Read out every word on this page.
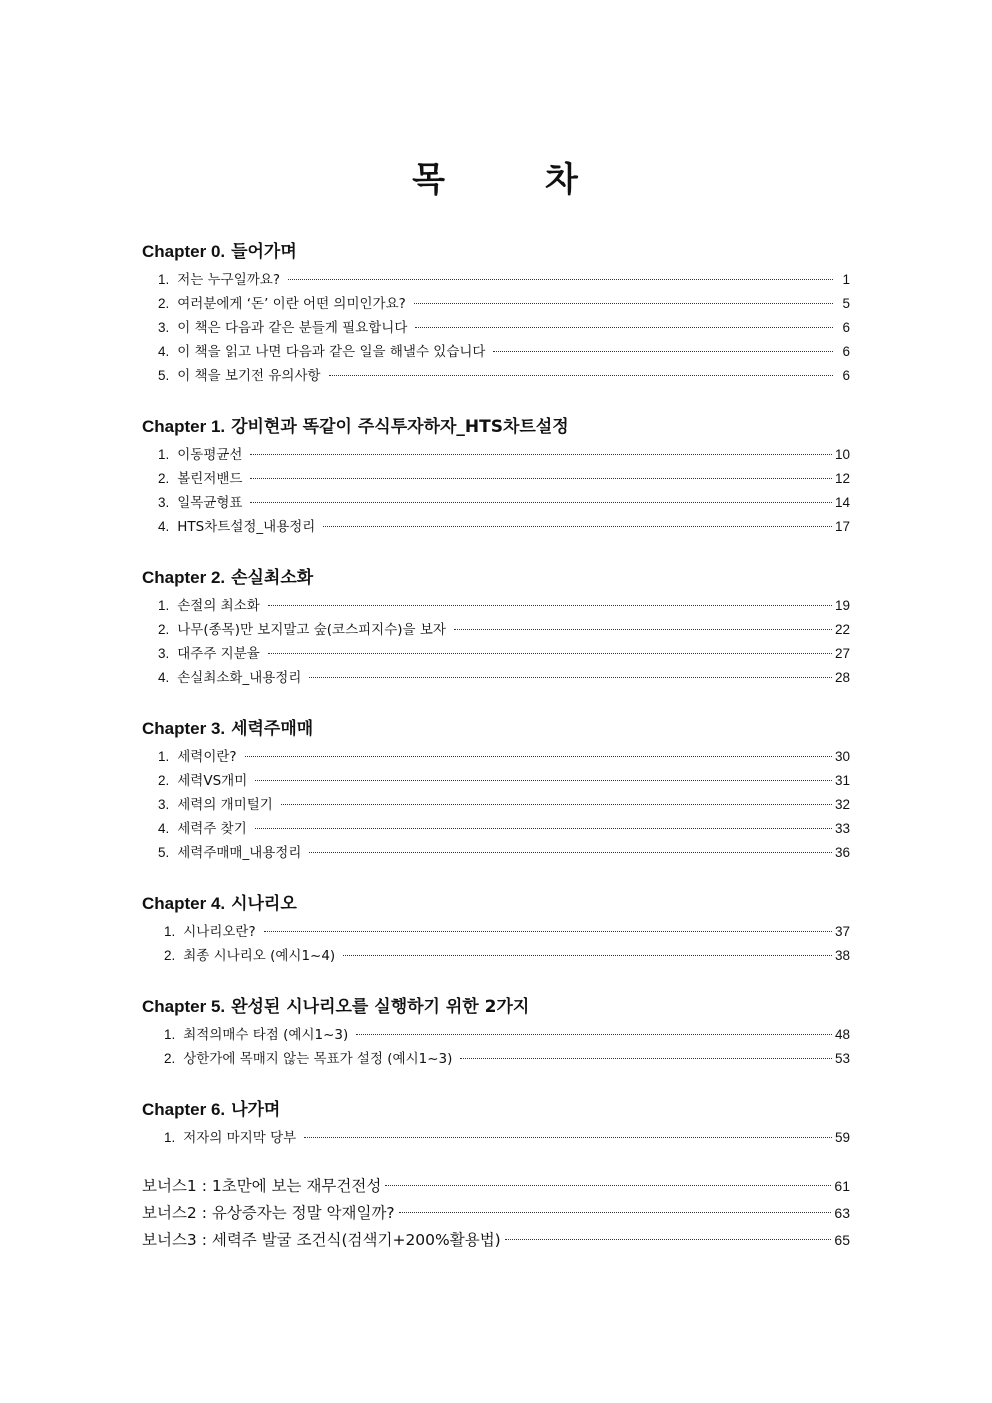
목	차
Chapter 0. 들어가며
1. 저는 누구일까요?	1
2. 여러분에게 ‘돈’ 이란 어떤 의미인가요?	5
3. 이 책은 다음과 같은 분들게 필요합니다	6
4. 이 책을 읽고 나면 다음과 같은 일을 해낼수 있습니다	6
5. 이 책을 보기전 유의사항	6
Chapter 1. 강비현과 똑같이 주식투자하자_HTS차트설정
1. 이동평균선	10
2. 볼린저밴드	12
3. 일목균형표	14
4. HTS차트설정_내용정리	17
Chapter 2. 손실최소화
1. 손절의 최소화	19
2. 나무(종목)만 보지말고 숲(코스피지수)을 보자	22
3. 대주주 지분율	27
4. 손실최소화_내용정리	28
Chapter 3. 세력주매매
1. 세력이란?	30
2. 세력VS개미	31
3. 세력의 개미털기	32
4. 세력주 찾기	33
5. 세력주매매_내용정리	36
Chapter 4. 시나리오
1. 시나리오란?	37
2. 최종 시나리오 (예시1~4)	38
Chapter 5. 완성된 시나리오를 실행하기 위한 2가지
1. 최적의매수 타점 (예시1~3)	48
2. 상한가에 목매지 않는 목표가 설정 (예시1~3)	53
Chapter 6. 나가며
1. 저자의 마지막 당부	59
보너스1 : 1초만에 보는 재무건전성	61
보너스2 : 유상증자는 정말 악재일까?	63
보너스3 : 세력주 발굴 조건식(검색기+200%활용법)	65
